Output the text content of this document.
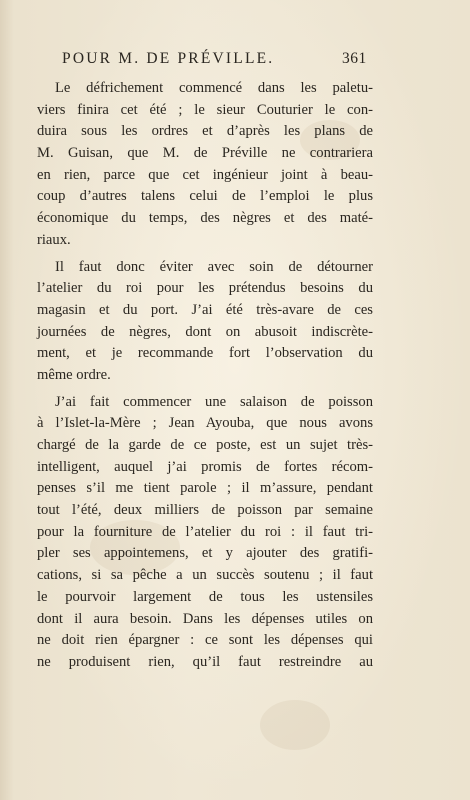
POUR M. DE PRÉVILLE.	361
Le défrichement commencé dans les paletu-
viers finira cet été ; le sieur Couturier le con-
duira sous les ordres et d’après les plans de
M. Guisan, que M. de Préville ne contrariera
en rien, parce que cet ingénieur joint à beau-
coup d’autres talens celui de l’emploi le plus
économique du temps, des nègres et des maté-
riaux.
Il faut donc éviter avec soin de détourner
l’atelier du roi pour les prétendus besoins du
magasin et du port. J’ai été très-avare de ces
journées de nègres, dont on abusoit indiscrète-
ment, et je recommande fort l’observation du
même ordre.
J’ai fait commencer une salaison de poisson
à l’Islet-la-Mère ; Jean Ayouba, que nous avons
chargé de la garde de ce poste, est un sujet très-
intelligent, auquel j’ai promis de fortes récom-
penses s’il me tient parole ; il m’assure, pendant
tout l’été, deux milliers de poisson par semaine
pour la fourniture de l’atelier du roi : il faut tri-
pler ses appointemens, et y ajouter des gratifi-
cations, si sa pêche a un succès soutenu ; il faut
le pourvoir largement de tous les ustensiles
dont il aura besoin. Dans les dépenses utiles on
ne doit rien épargner : ce sont les dépenses qui
ne produisent rien, qu’il faut restreindre au
